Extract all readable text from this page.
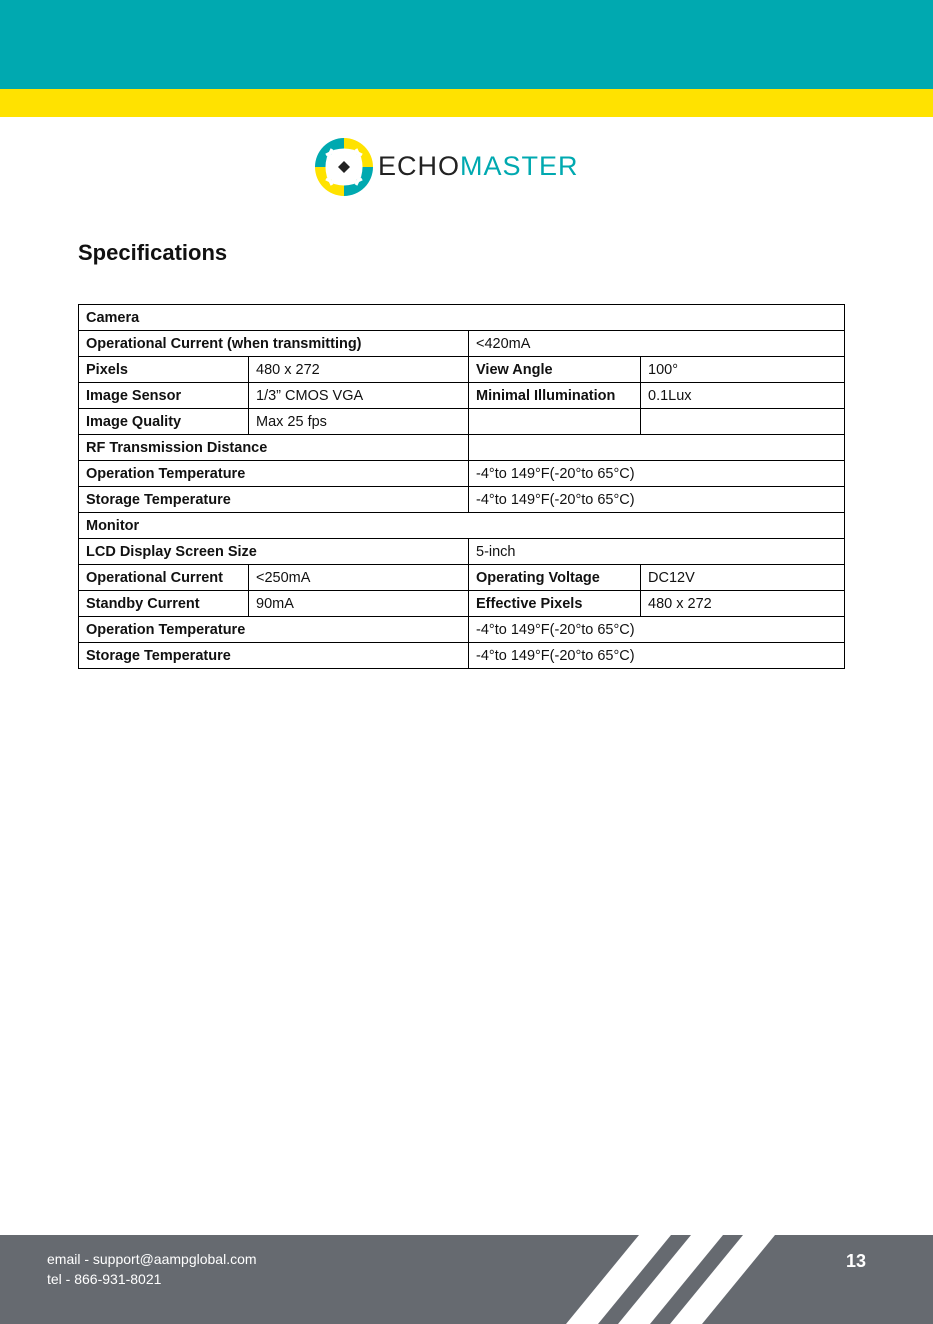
ECHOMASTER
Specifications
Camera			
Operational Current (when transmitting)		<420mA	
Pixels	480 x 272	View Angle	100°
Image Sensor	1/3” CMOS VGA	Minimal Illumination	0.1Lux
Image Quality	Max 25 fps		
RF Transmission Distance			
Operation Temperature		-4°to 149°F(-20°to 65°C)	
Storage Temperature		-4°to 149°F(-20°to 65°C)	
Monitor			
LCD Display Screen Size		5-inch	
Operational Current	<250mA	Operating Voltage	DC12V
Standby Current	90mA	Effective Pixels	480 x 272
Operation Temperature		-4°to 149°F(-20°to 65°C)	
Storage Temperature		-4°to 149°F(-20°to 65°C)	
email - support@aampglobal.com
tel - 866-931-8021
13
